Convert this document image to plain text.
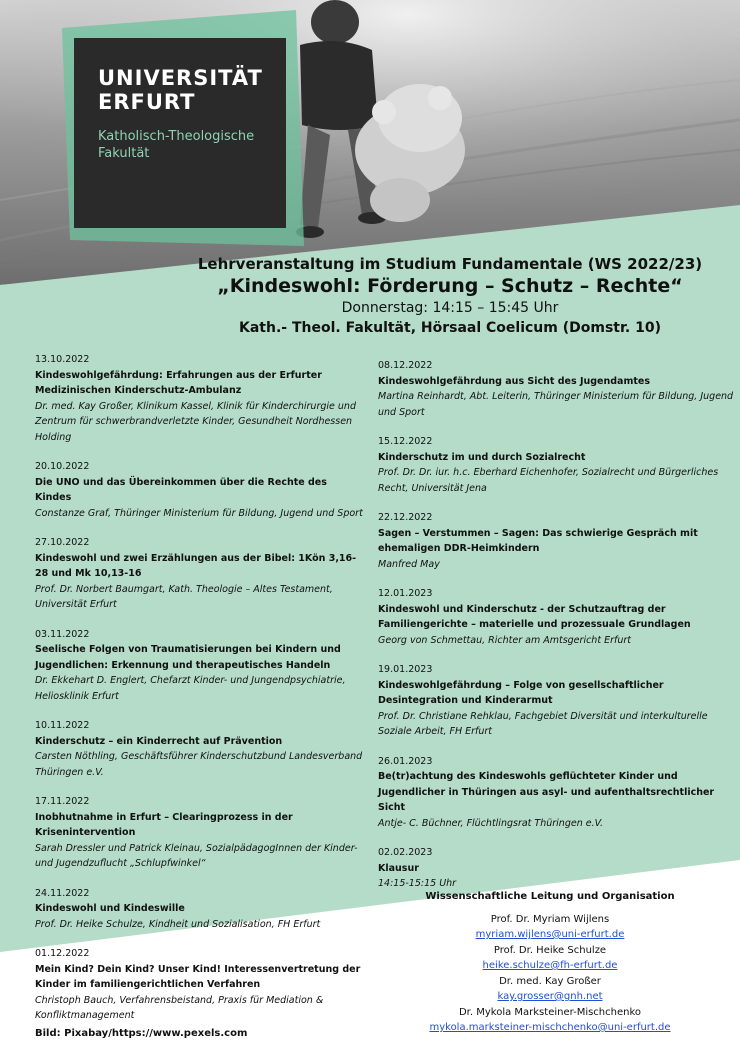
UNIVERSITÄT
ERFURT
Katholisch-Theologische
Fakultät
Lehrveranstaltung im Studium Fundamentale (WS 2022/23)
„Kindeswohl: Förderung – Schutz – Rechte“
Donnerstag: 14:15 – 15:45 Uhr
Kath.- Theol. Fakultät, Hörsaal Coelicum (Domstr. 10)
13.10.2022
Kindeswohlgefährdung: Erfahrungen aus der Erfurter Medizinischen Kinderschutz-Ambulanz
Dr. med. Kay Großer, Klinikum Kassel, Klinik für Kinderchirurgie und Zentrum für schwerbrandverletzte Kinder, Gesundheit Nordhessen Holding
20.10.2022
Die UNO und das Übereinkommen über die Rechte des Kindes
Constanze Graf, Thüringer Ministerium für Bildung, Jugend und Sport
27.10.2022
Kindeswohl und zwei Erzählungen aus der Bibel: 1Kön 3,16-28 und Mk 10,13-16
Prof. Dr. Norbert Baumgart, Kath. Theologie – Altes Testament, Universität Erfurt
03.11.2022
Seelische Folgen von Traumatisierungen bei Kindern und Jugendlichen: Erkennung und therapeutisches Handeln
Dr. Ekkehart D. Englert, Chefarzt Kinder- und Jungendpsychiatrie, Heliosklinik Erfurt
10.11.2022
Kinderschutz – ein Kinderrecht auf Prävention
Carsten Nöthling, Geschäftsführer Kinderschutzbund Landesverband Thüringen e.V.
17.11.2022
Inobhutnahme in Erfurt – Clearingprozess in der Krisenintervention
Sarah Dressler und Patrick Kleinau, SozialpädagogInnen der Kinder- und Jugendzuflucht „Schlupfwinkel“
24.11.2022
Kindeswohl und Kindeswille
Prof. Dr. Heike Schulze, Kindheit und Sozialisation, FH Erfurt
01.12.2022
Mein Kind? Dein Kind? Unser Kind! Interessenvertretung der Kinder im familiengerichtlichen Verfahren
Christoph Bauch, Verfahrensbeistand, Praxis für Mediation & Konfliktmanagement
08.12.2022
Kindeswohlgefährdung aus Sicht des Jugendamtes
Martina Reinhardt, Abt. Leiterin, Thüringer Ministerium für Bildung, Jugend und Sport
15.12.2022
Kinderschutz im und durch Sozialrecht
Prof. Dr. Dr. iur. h.c. Eberhard Eichenhofer, Sozialrecht und Bürgerliches Recht, Universität Jena
22.12.2022
Sagen – Verstummen – Sagen: Das schwierige Gespräch mit ehemaligen DDR-Heimkindern
Manfred May
12.01.2023
Kindeswohl und Kinderschutz - der Schutzauftrag der Familiengerichte – materielle und prozessuale Grundlagen
Georg von Schmettau, Richter am Amtsgericht Erfurt
19.01.2023
Kindeswohlgefährdung – Folge von gesellschaftlicher Desintegration und Kinderarmut
Prof. Dr. Christiane Rehklau, Fachgebiet Diversität und interkulturelle Soziale Arbeit, FH Erfurt
26.01.2023
Be(tr)achtung des Kindeswohls geflüchteter Kinder und Jugendlicher in Thüringen aus asyl- und aufenthaltsrechtlicher Sicht
Antje- C. Büchner, Flüchtlingsrat Thüringen e.V.
02.02.2023
Klausur
14:15-15:15 Uhr
Wissenschaftliche Leitung und Organisation
Prof. Dr. Myriam Wijlens
myriam.wijlens@uni-erfurt.de
Prof. Dr. Heike Schulze
heike.schulze@fh-erfurt.de
Dr. med. Kay Großer
kay.grosser@gnh.net
Dr. Mykola Marksteiner-Mischchenko
mykola.marksteiner-mischchenko@uni-erfurt.de
Bild: Pixabay/https://www.pexels.com
